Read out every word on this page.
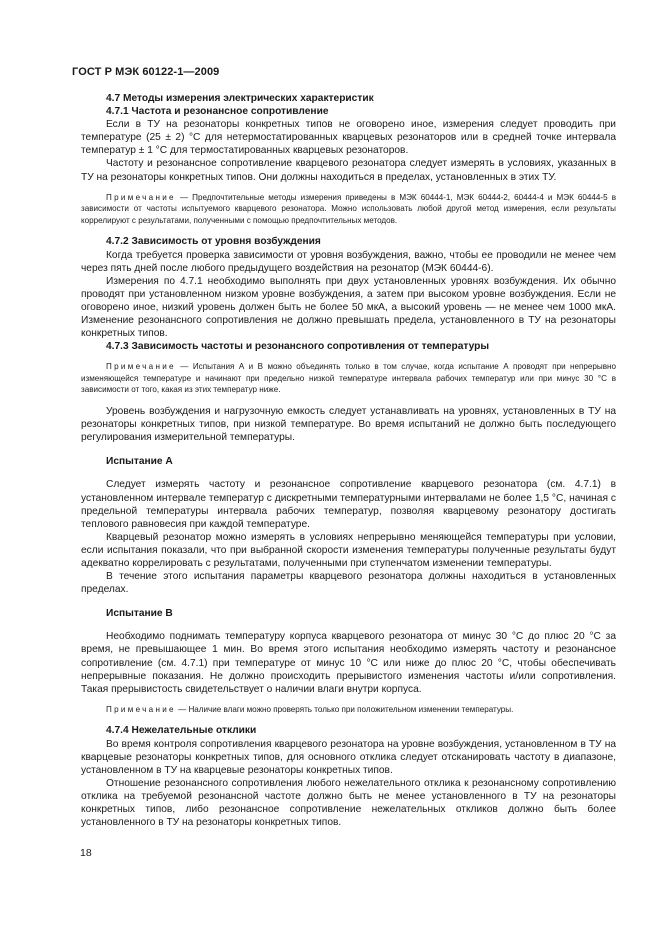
ГОСТ Р МЭК 60122-1—2009
4.7 Методы измерения электрических характеристик
4.7.1 Частота и резонансное сопротивление

Если в ТУ на резонаторы конкретных типов не оговорено иное, измерения следует проводить при температуре (25 ± 2) °С для нетермостатированных кварцевых резонаторов или в средней точке интервала температур ± 1 °С для термостатированных кварцевых резонаторов.

Частоту и резонансное сопротивление кварцевого резонатора следует измерять в условиях, указанных в ТУ на резонаторы конкретных типов. Они должны находиться в пределах, установленных в этих ТУ.

Примечание — Предпочтительные методы измерения приведены в МЭК 60444-1, МЭК 60444-2, 60444-4 и МЭК 60444-5 в зависимости от частоты испытуемого кварцевого резонатора. Можно использовать любой другой метод измерения, если результаты коррелируют с результатами, полученными с помощью предпочтительных методов.
4.7.2 Зависимость от уровня возбуждения

Когда требуется проверка зависимости от уровня возбуждения, важно, чтобы ее проводили не менее чем через пять дней после любого предыдущего воздействия на резонатор (МЭК 60444-6).

Измерения по 4.7.1 необходимо выполнять при двух установленных уровнях возбуждения. Их обычно проводят при установленном низком уровне возбуждения, а затем при высоком уровне возбуждения. Если не оговорено иное, низкий уровень должен быть не более 50 мкА, а высокий уровень — не менее чем 1000 мкА. Изменение резонансного сопротивления не должно превышать предела, установленного в ТУ на резонаторы конкретных типов.

4.7.3 Зависимость частоты и резонансного сопротивления от температуры
Примечание — Испытания А и В можно объединять только в том случае, когда испытание А проводят при непрерывно изменяющейся температуре и начинают при предельно низкой температуре интервала рабочих температур или при минус 30 °С в зависимости от того, какая из этих температур ниже.

Уровень возбуждения и нагрузочную емкость следует устанавливать на уровнях, установленных в ТУ на резонаторы конкретных типов, при низкой температуре. Во время испытаний не должно быть последующего регулирования измерительной температуры.

Испытание А

Следует измерять частоту и резонансное сопротивление кварцевого резонатора (см. 4.7.1) в установленном интервале температур с дискретными температурными интервалами не более 1,5 °С, начиная с предельной температуры интервала рабочих температур, позволяя кварцевому резонатору достигать теплового равновесия при каждой температуре.

Кварцевый резонатор можно измерять в условиях непрерывно меняющейся температуры при условии, если испытания показали, что при выбранной скорости изменения температуры полученные результаты будут адекватно коррелировать с результатами, полученными при ступенчатом изменении температуры.

В течение этого испытания параметры кварцевого резонатора должны находиться в установленных пределах.

Испытание В

Необходимо поднимать температуру корпуса кварцевого резонатора от минус 30 °С до плюс 20 °С за время, не превышающее 1 мин. Во время этого испытания необходимо измерять частоту и резонансное сопротивление (см. 4.7.1) при температуре от минус 10 °С или ниже до плюс 20 °С, чтобы обеспечивать непрерывные показания. Не должно происходить прерывистого изменения частоты и/или сопротивления. Такая прерывистость свидетельствует о наличии влаги внутри корпуса.

Примечание — Наличие влаги можно проверять только при положительном изменении температуры.
4.7.4 Нежелательные отклики

Во время контроля сопротивления кварцевого резонатора на уровне возбуждения, установленном в ТУ на кварцевые резонаторы конкретных типов, для основного отклика следует отсканировать частоту в диапазоне, установленном в ТУ на кварцевые резонаторы конкретных типов.

Отношение резонансного сопротивления любого нежелательного отклика к резонансному сопротивлению отклика на требуемой резонансной частоте должно быть не менее установленного в ТУ на резонаторы конкретных типов, либо резонансное сопротивление нежелательных откликов должно быть более установленного в ТУ на резонаторы конкретных типов.

18
